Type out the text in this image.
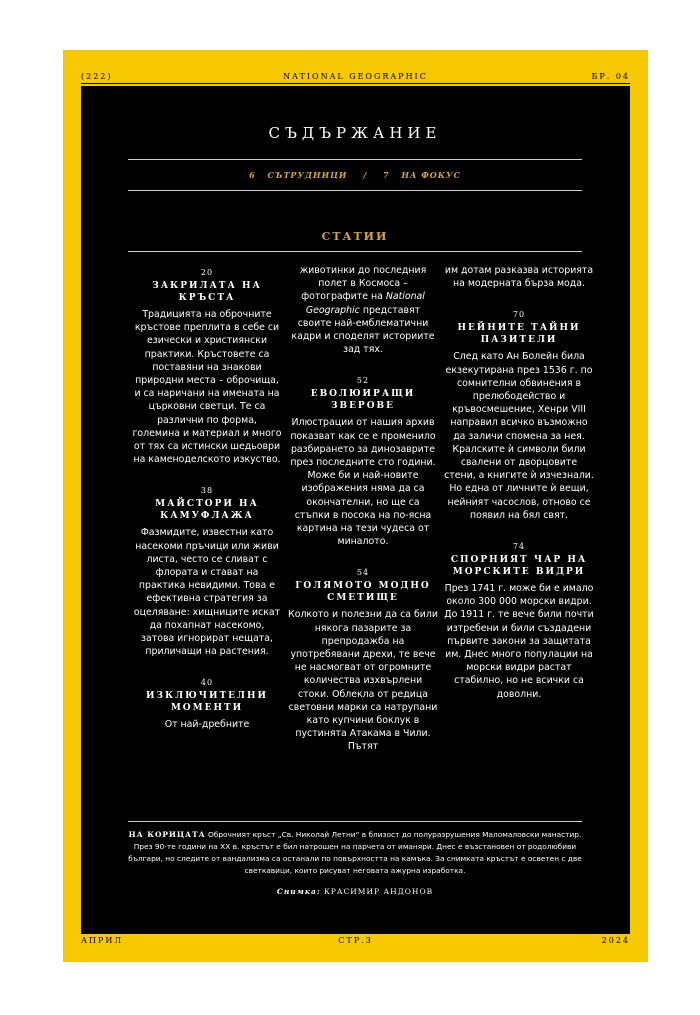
(222)	NATIONAL GEOGRAPHIC	БР. 04
СЪДЪРЖАНИЕ
6 СЪТРУДНИЦИ / 7 НА ФОКУС
СТАТИИ
20
ЗАКРИЛАТА НА КРЪСТА
Традицията на оброчните кръстове преплита в себе си езически и християнски практики. Кръстовете са поставяни на знакови природни места – оброчища, и са наричани на имената на църковни светци. Те са различни по форма, големина и материал и много от тях са истински шедьоври на каменоделското изкуство.
38
МАЙСТОРИ НА КАМУФЛАЖА
Фазмидите, известни като насекоми пръчици или живи листа, често се сливат с флората и стават на практика невидими. Това е ефективна стратегия за оцеляване: хищниците искат да похапнат насекомо, затова игнорират нещата, приличащи на растения.
40
ИЗКЛЮЧИТЕЛНИ МОМЕНТИ
От най-дребните
животинки до последния полет в Космоса – фотографите на National Geographic представят своите най-емблематични кадри и споделят историите зад тях.
52
ЕВОЛЮИРАЩИ ЗВЕРОВЕ
Илюстрации от нашия архив показват как се е променило разбирането за динозаврите през последните сто години. Може би и най-новите изображения няма да са окончателни, но ще са стъпки в посока на по-ясна картина на тези чудеса от миналото.
54
ГОЛЯМОТО МОДНО СМЕТИЩЕ
Колкото и полезни да са били някога пазарите за препродажба на употребявани дрехи, те вече не насмогват от огромните количества изхвърлени стоки. Облекла от редица световни марки са натрупани като купчини боклук в пустинята Атакама в Чили. Пътят
им дотам разказва историята на модерната бърза мода.
70
НЕЙНИТЕ ТАЙНИ ПАЗИТЕЛИ
След като Ан Болейн била екзекутирана през 1536 г. по сомнителни обвинения в прелюбодейство и кръвосмешение, Хенри VIII направил всичко възможно да заличи спомена за нея. Кралските ѝ символи били свалени от дворцовите стени, а книгите ѝ изчезнали. Но една от личните ѝ вещи, нейният часослов, отново се появил на бял свят.
74
СПОРНИЯТ ЧАР НА МОРСКИТЕ ВИДРИ
През 1741 г. може би е имало около 300 000 морски видри. До 1911 г. те вече били почти изтребени и били създадени първите закони за защитата им. Днес много популации на морски видри растат стабилно, но не всички са доволни.
НА КОРИЦАТА Оброчният кръст „Св. Николай Летни“ в близост до полуразрушения Маломаловски манастир. През 90-те години на XX в. кръстът е бил натрошен на парчета от иманяри. Днес е възстановен от родолюбиви българи, но следите от вандализма са останали по повърхността на камъка. За снимката кръстът е осветен с две светкавици, които рисуват неговата ажурна изработка.
Снимка: КРАСИМИР АНДОНОВ
АПРИЛ	СТР.3	2024
